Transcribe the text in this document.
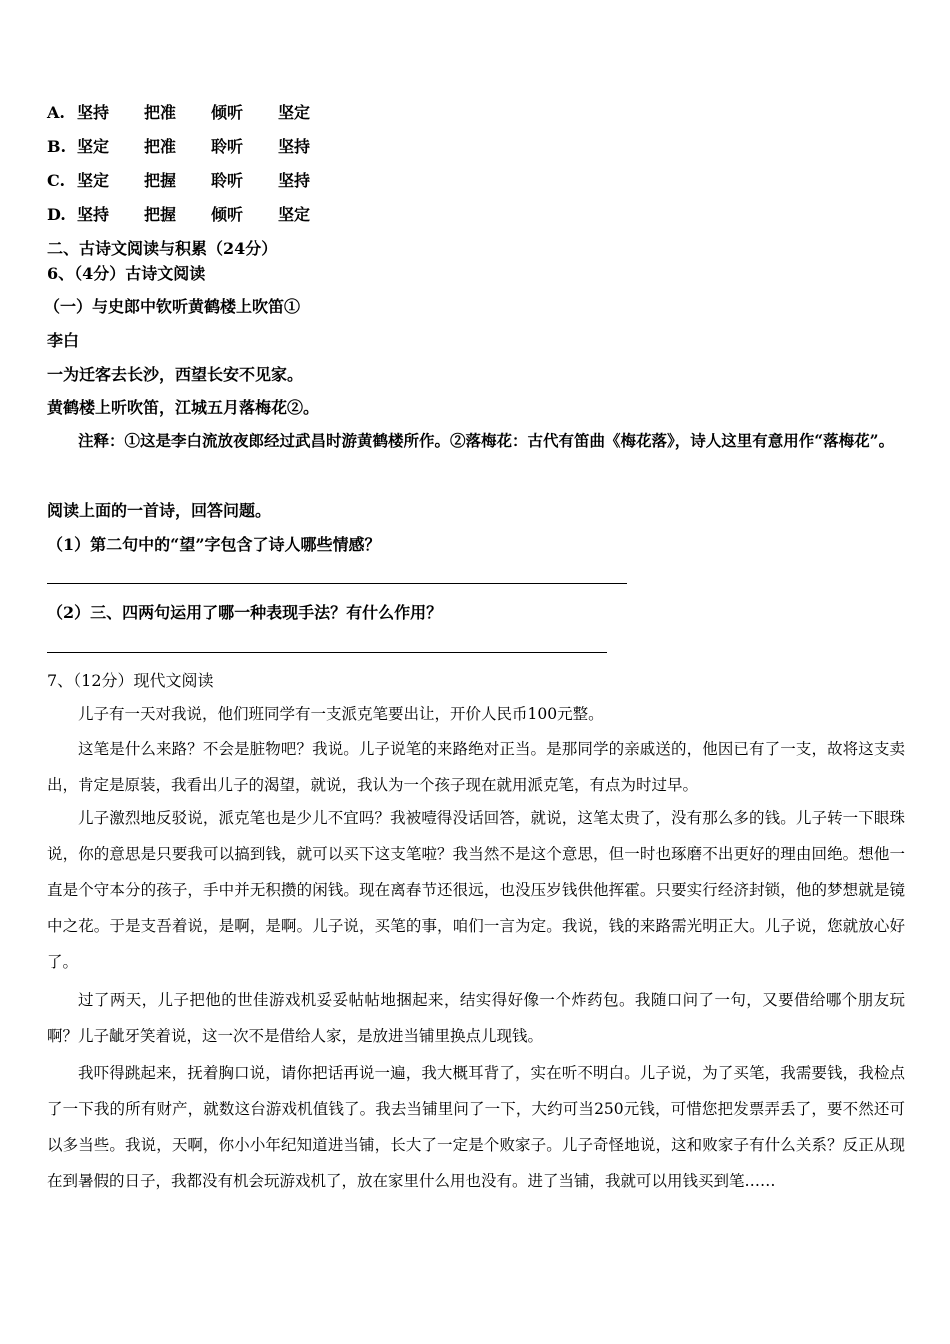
A. 坚持 把准 倾听 坚定
B. 坚定 把准 聆听 坚持
C. 坚定 把握 聆听 坚持
D. 坚持 把握 倾听 坚定
二、古诗文阅读与积累（24分）
6、（4分）古诗文阅读
（一）与史郎中钦听黄鹤楼上吹笛①
李白
一为迁客去长沙，西望长安不见家。
黄鹤楼上听吹笛，江城五月落梅花②。

注释：①这是李白流放夜郎经过武昌时游黄鹤楼所作。②落梅花：古代有笛曲《梅花落》，诗人这里有意用作“落梅花”。

阅读上面的一首诗，回答问题。
（1）第二句中的“望”字包含了诗人哪些情感？
（2）三、四两句运用了哪一种表现手法？有什么作用？
7、（12分）现代文阅读

儿子有一天对我说，他们班同学有一支派克笔要出让，开价人民币100元整。

这笔是什么来路？不会是脏物吧？我说。儿子说笔的来路绝对正当。是那同学的亲戚送的，他因已有了一支，故将这支卖出，肯定是原装，我看出儿子的渴望，就说，我认为一个孩子现在就用派克笔，有点为时过早。

儿子激烈地反驳说，派克笔也是少儿不宜吗？我被噎得没话回答，就说，这笔太贵了，没有那么多的钱。儿子转一下眼珠说，你的意思是只要我可以搞到钱，就可以买下这支笔啦？我当然不是这个意思，但一时也琢磨不出更好的理由回绝。想他一直是个守本分的孩子，手中并无积攒的闲钱。现在离春节还很远，也没压岁钱供他挥霍。只要实行经济封锁，他的梦想就是镜中之花。于是支吾着说，是啊，是啊。儿子说，买笔的事，咱们一言为定。我说，钱的来路需光明正大。儿子说，您就放心好了。

过了两天，儿子把他的世佳游戏机妥妥帖帖地捆起来，结实得好像一个炸药包。我随口问了一句，又要借给哪个朋友玩啊？儿子龇牙笑着说，这一次不是借给人家，是放进当铺里换点儿现钱。

我吓得跳起来，抚着胸口说，请你把话再说一遍，我大概耳背了，实在听不明白。儿子说，为了买笔，我需要钱，我检点了一下我的所有财产，就数这台游戏机值钱了。我去当铺里问了一下，大约可当250元钱，可惜您把发票弄丢了，要不然还可以多当些。我说，天啊，你小小年纪知道进当铺，长大了一定是个败家子。儿子奇怪地说，这和败家子有什么关系？反正从现在到暑假的日子，我都没有机会玩游戏机了，放在家里什么用也没有。进了当铺，我就可以用钱买到笔……
